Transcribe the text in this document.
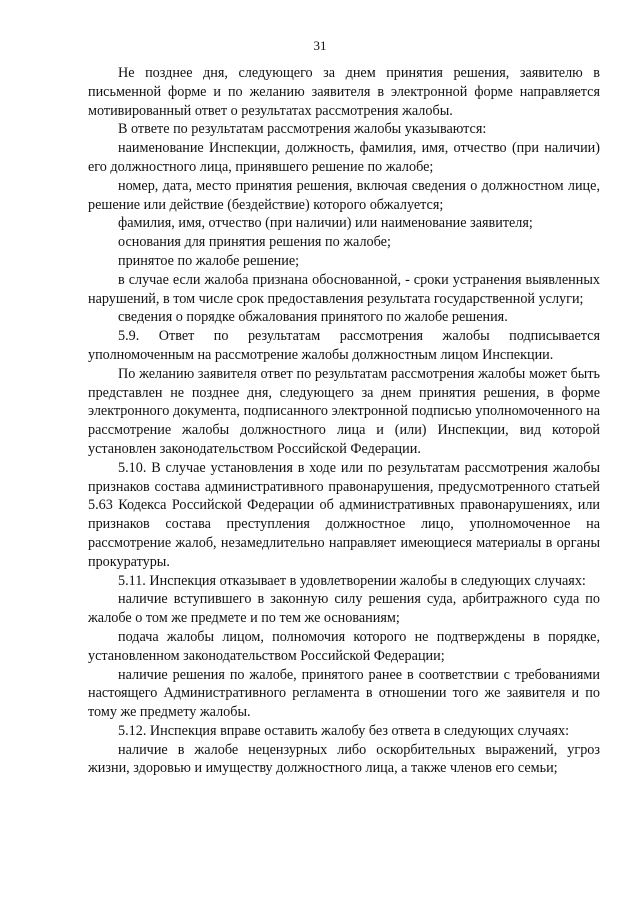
31

Не позднее дня, следующего за днем принятия решения, заявителю в письменной форме и по желанию заявителя в электронной форме направляется мотивированный ответ о результатах рассмотрения жалобы.

В ответе по результатам рассмотрения жалобы указываются:

наименование Инспекции, должность, фамилия, имя, отчество (при наличии) его должностного лица, принявшего решение по жалобе;

номер, дата, место принятия решения, включая сведения о должностном лице, решение или действие (бездействие) которого обжалуется;

фамилия, имя, отчество (при наличии) или наименование заявителя;

основания для принятия решения по жалобе;

принятое по жалобе решение;

в случае если жалоба признана обоснованной, - сроки устранения выявленных нарушений, в том числе срок предоставления результата государственной услуги;

сведения о порядке обжалования принятого по жалобе решения.

5.9. Ответ по результатам рассмотрения жалобы подписывается уполномоченным на рассмотрение жалобы должностным лицом Инспекции.

По желанию заявителя ответ по результатам рассмотрения жалобы может быть представлен не позднее дня, следующего за днем принятия решения, в форме электронного документа, подписанного электронной подписью уполномоченного на рассмотрение жалобы должностного лица и (или) Инспекции, вид которой установлен законодательством Российской Федерации.

5.10. В случае установления в ходе или по результатам рассмотрения жалобы признаков состава административного правонарушения, предусмотренного статьей 5.63 Кодекса Российской Федерации об административных правонарушениях, или признаков состава преступления должностное лицо, уполномоченное на рассмотрение жалоб, незамедлительно направляет имеющиеся материалы в органы прокуратуры.

5.11. Инспекция отказывает в удовлетворении жалобы в следующих случаях:

наличие вступившего в законную силу решения суда, арбитражного суда по жалобе о том же предмете и по тем же основаниям;

подача жалобы лицом, полномочия которого не подтверждены в порядке, установленном законодательством Российской Федерации;

наличие решения по жалобе, принятого ранее в соответствии с требованиями настоящего Административного регламента в отношении того же заявителя и по тому же предмету жалобы.

5.12. Инспекция вправе оставить жалобу без ответа в следующих случаях:

наличие в жалобе нецензурных либо оскорбительных выражений, угроз жизни, здоровью и имуществу должностного лица, а также членов его семьи;
